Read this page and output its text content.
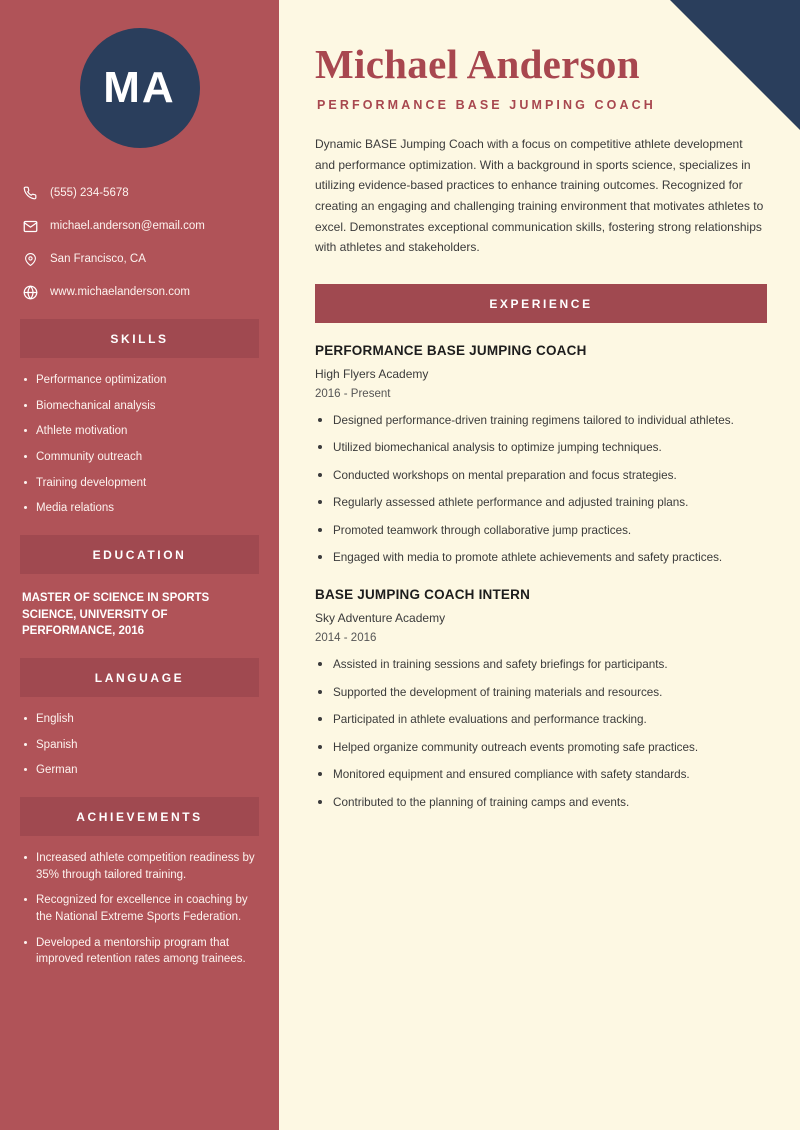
MA
(555) 234-5678
michael.anderson@email.com
San Francisco, CA
www.michaelanderson.com
SKILLS
Performance optimization
Biomechanical analysis
Athlete motivation
Community outreach
Training development
Media relations
EDUCATION
MASTER OF SCIENCE IN SPORTS SCIENCE, UNIVERSITY OF PERFORMANCE, 2016
LANGUAGE
English
Spanish
German
ACHIEVEMENTS
Increased athlete competition readiness by 35% through tailored training.
Recognized for excellence in coaching by the National Extreme Sports Federation.
Developed a mentorship program that improved retention rates among trainees.
Michael Anderson
PERFORMANCE BASE JUMPING COACH

Dynamic BASE Jumping Coach with a focus on competitive athlete development and performance optimization. With a background in sports science, specializes in utilizing evidence-based practices to enhance training outcomes. Recognized for creating an engaging and challenging training environment that motivates athletes to excel. Demonstrates exceptional communication skills, fostering strong relationships with athletes and stakeholders.

EXPERIENCE
PERFORMANCE BASE JUMPING COACH
High Flyers Academy
2016 - Present
Designed performance-driven training regimens tailored to individual athletes.
Utilized biomechanical analysis to optimize jumping techniques.
Conducted workshops on mental preparation and focus strategies.
Regularly assessed athlete performance and adjusted training plans.
Promoted teamwork through collaborative jump practices.
Engaged with media to promote athlete achievements and safety practices.
BASE JUMPING COACH INTERN
Sky Adventure Academy
2014 - 2016
Assisted in training sessions and safety briefings for participants.
Supported the development of training materials and resources.
Participated in athlete evaluations and performance tracking.
Helped organize community outreach events promoting safe practices.
Monitored equipment and ensured compliance with safety standards.
Contributed to the planning of training camps and events.
